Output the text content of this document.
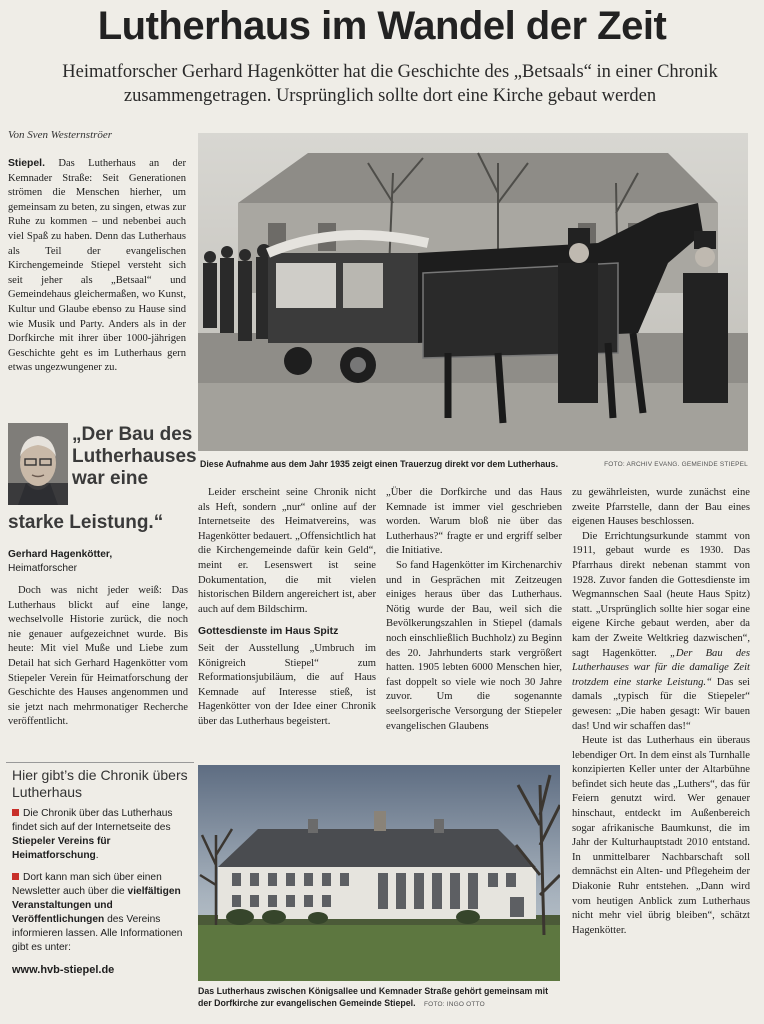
Lutherhaus im Wandel der Zeit
Heimatforscher Gerhard Hagenkötter hat die Geschichte des „Betsaals“ in einer Chronik zusammengetragen. Ursprünglich sollte dort eine Kirche gebaut werden
Von Sven Westernströer

Stiepel. Das Lutherhaus an der Kemnader Straße: Seit Generationen strömen die Menschen hierher, um gemeinsam zu beten, zu singen, etwas zur Ruhe zu kommen – und nebenbei auch viel Spaß zu haben. Denn das Lutherhaus als Teil der evangelischen Kirchengemeinde Stiepel versteht sich seit jeher als „Betsaal“ und Gemeindehaus gleichermaßen, wo Kunst, Kultur und Glaube ebenso zu Hause sind wie Musik und Party. Anders als in der Dorfkirche mit ihrer über 1000-jährigen Geschichte geht es im Lutherhaus gern etwas ungezwungener zu.

„Der Bau des Lutherhauses war eine
starke Leistung.“
Gerhard Hagenkötter,
Heimatforscher

Doch was nicht jeder weiß: Das Lutherhaus blickt auf eine lange, wechselvolle Historie zurück, die noch nie genauer aufgezeichnet wurde. Bis heute: Mit viel Muße und Liebe zum Detail hat sich Gerhard Hagenkötter vom Stiepeler Verein für Heimatforschung der Geschichte des Hauses angenommen und sie jetzt nach mehrmonatiger Recherche veröffentlicht.

Hier gibt’s die Chronik übers Lutherhaus

Die Chronik über das Lutherhaus findet sich auf der Internetseite des Stiepeler Vereins für Heimatforschung.

Dort kann man sich über einen Newsletter auch über die vielfältigen Veranstaltungen und Veröffentlichungen des Vereins informieren lassen. Alle Informationen gibt es unter:

www.hvb-stiepel.de

Diese Aufnahme aus dem Jahr 1935 zeigt einen Trauerzug direkt vor dem Lutherhaus.	FOTO: ARCHIV EVANG. GEMEINDE STIEPEL

Leider erscheint seine Chronik nicht als Heft, sondern „nur“ online auf der Internetseite des Heimatvereins, was Hagenkötter bedauert. „Offensichtlich hat die Kirchengemeinde dafür kein Geld“, meint er. Lesenswert ist seine Dokumentation, die mit vielen historischen Bildern angereichert ist, aber auch auf dem Bildschirm.

Gottesdienste im Haus Spitz

Seit der Ausstellung „Umbruch im Königreich Stiepel“ zum Reformationsjubiläum, die auf Haus Kemnade auf Interesse stieß, ist Hagenkötter von der Idee einer Chronik über das Lutherhaus begeistert.

„Über die Dorfkirche und das Haus Kemnade ist immer viel geschrieben worden. Warum bloß nie über das Lutherhaus?“ fragte er und ergriff selber die Initiative.

So fand Hagenkötter im Kirchenarchiv und in Gesprächen mit Zeitzeugen einiges heraus über das Lutherhaus. Nötig wurde der Bau, weil sich die Bevölkerungszahlen in Stiepel (damals noch einschließlich Buchholz) zu Beginn des 20. Jahrhunderts stark vergrößert hatten. 1905 lebten 6000 Menschen hier, fast doppelt so viele wie noch 30 Jahre zuvor. Um die sogenannte seelsorgerische Versorgung der Stiepeler evangelischen Glaubens

zu gewährleisten, wurde zunächst eine zweite Pfarrstelle, dann der Bau eines eigenen Hauses beschlossen.

Die Errichtungsurkunde stammt von 1911, gebaut wurde es 1930. Das Pfarrhaus direkt nebenan stammt von 1928. Zuvor fanden die Gottesdienste im Wegmannschen Saal (heute Haus Spitz) statt. „Ursprünglich sollte hier sogar eine eigene Kirche gebaut werden, aber da kam der Zweite Weltkrieg dazwischen“, sagt Hagenkötter. „Der Bau des Lutherhauses war für die damalige Zeit trotzdem eine starke Leistung.“ Das sei damals „typisch für die Stiepeler“ gewesen: „Die haben gesagt: Wir bauen das! Und wir schaffen das!“

Heute ist das Lutherhaus ein überaus lebendiger Ort. In dem einst als Turnhalle konzipierten Keller unter der Altarbühne befindet sich heute das „Luthers“, das für Feiern genutzt wird. Wer genauer hinschaut, entdeckt im Außenbereich sogar afrikanische Baumkunst, die im Jahr der Kulturhauptstadt 2010 entstand. In unmittelbarer Nachbarschaft soll demnächst ein Alten- und Pflegeheim der Diakonie Ruhr entstehen. „Dann wird vom heutigen Anblick zum Lutherhaus nicht mehr viel übrig bleiben“, schätzt Hagenkötter.

Das Lutherhaus zwischen Königsallee und Kemnader Straße gehört gemeinsam mit der Dorfkirche zur evangelischen Gemeinde Stiepel. FOTO: INGO OTTO
